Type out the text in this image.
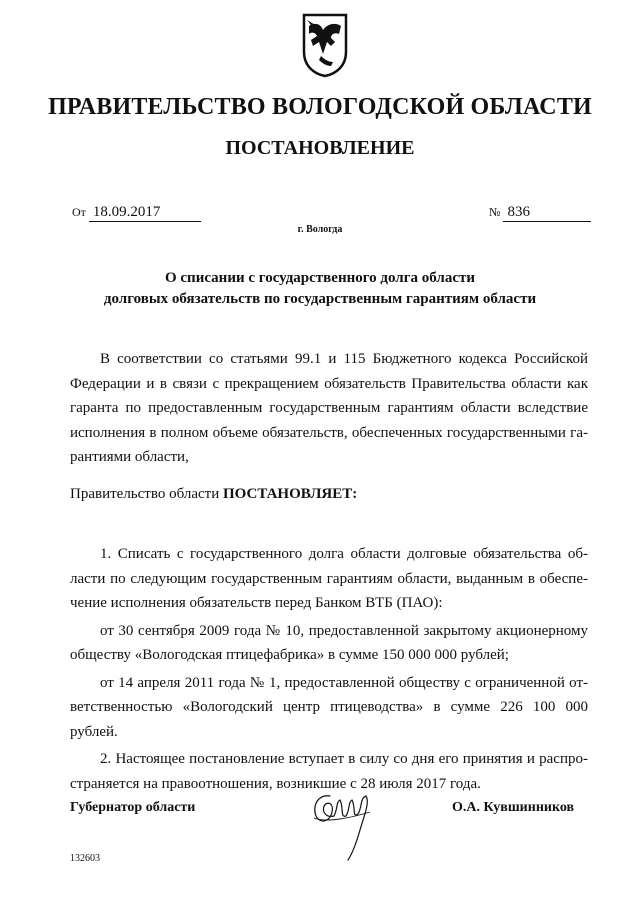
ПРАВИТЕЛЬСТВО ВОЛОГОДСКОЙ ОБЛАСТИ
ПОСТАНОВЛЕНИЕ
От 18.09.2017	№ 836
г. Вологда
О списании с государственного долга области
долговых обязательств по государственным гарантиям области
В соответствии со статьями 99.1 и 115 Бюджетного кодекса Российской
Федерации и в связи с прекращением обязательств Правительства области как
гаранта по предоставленным государственным гарантиям области вследствие
исполнения в полном объеме обязательств, обеспеченных государственными га-
рантиями области,
Правительство области ПОСТАНОВЛЯЕТ:
1. Списать с государственного долга области долговые обязательства об-
ласти по следующим государственным гарантиям области, выданным в обеспе-
чение исполнения обязательств перед Банком ВТБ (ПАО):
от 30 сентября 2009 года № 10, предоставленной закрытому акционерному
обществу «Вологодская птицефабрика» в сумме 150 000 000 рублей;
от 14 апреля 2011 года № 1, предоставленной обществу с ограниченной от-
ветственностью «Вологодский центр птицеводства» в сумме 226 100 000 рублей.
2. Настоящее постановление вступает в силу со дня его принятия и распро-
страняется на правоотношения, возникшие с 28 июля 2017 года.
Губернатор области	О.А. Кувшинников
132603
